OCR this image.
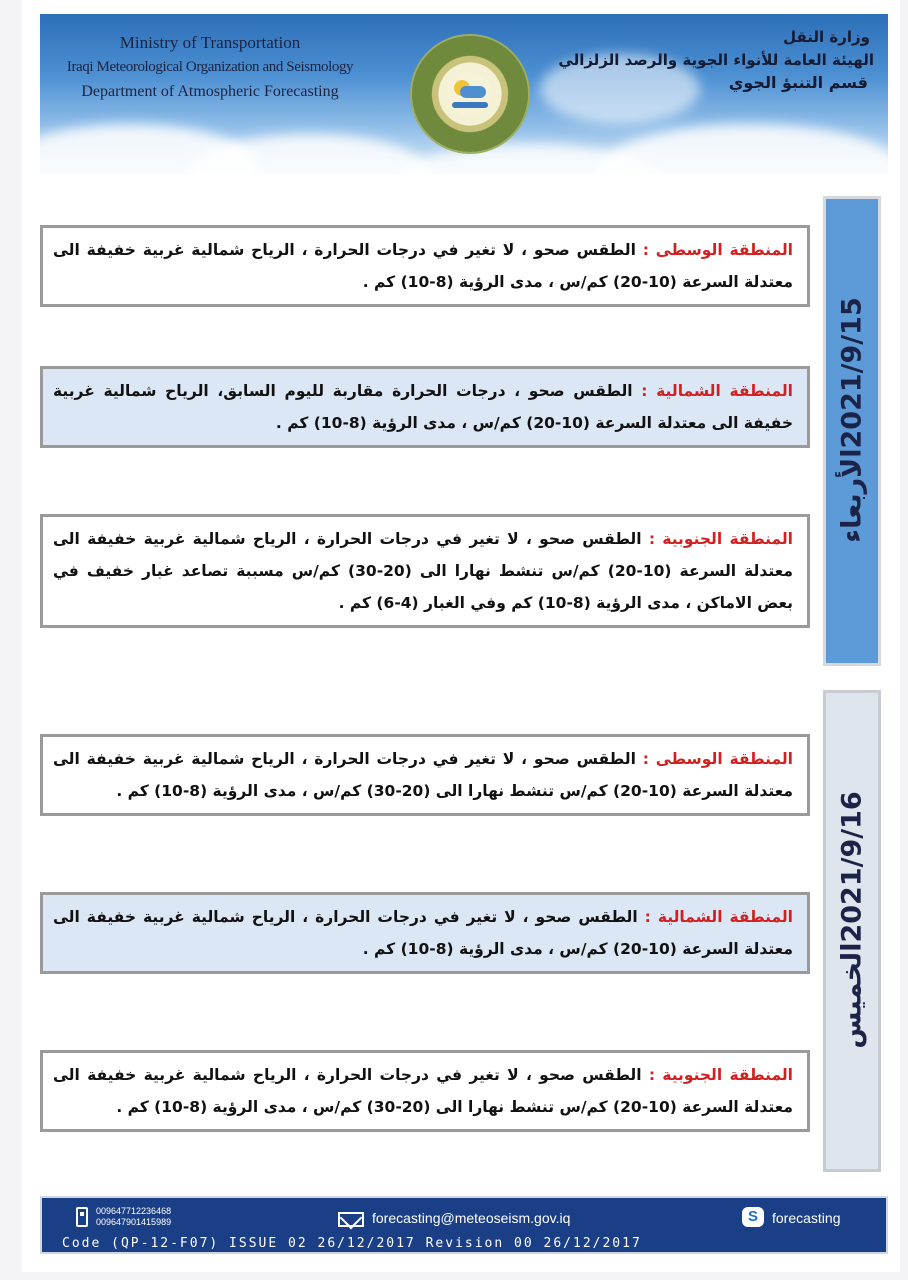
Ministry of Transportation
Iraqi Meteorological Organization and Seismology
Department of Atmospheric Forecasting
وزارة النقل
الهيئة العامة للأنواء الجوية والرصد الزلزالي
قسم التنبؤ الجوي
2021/9/15الأربعاء
2021/9/16الخميس
المنطقة الوسطى : الطقس صحو ، لا تغير في درجات الحرارة ، الرياح شمالية غربية خفيفة الى معتدلة السرعة (10-20) كم/س ، مدى الرؤية (8-10) كم .
المنطقة الشمالية : الطقس صحو ، درجات الحرارة مقاربة لليوم السابق، الرياح شمالية غربية خفيفة الى معتدلة السرعة (10-20) كم/س ، مدى الرؤية (8-10) كم .
المنطقة الجنوبية : الطقس صحو ، لا تغير في درجات الحرارة ، الرياح شمالية غربية خفيفة الى معتدلة السرعة (10-20) كم/س تنشط نهارا الى (20-30) كم/س مسببة تصاعد غبار خفيف في بعض الاماكن ، مدى الرؤية (8-10) كم وفي الغبار (4-6) كم .
المنطقة الوسطى : الطقس صحو ، لا تغير في درجات الحرارة ، الرياح شمالية غربية خفيفة الى معتدلة السرعة (10-20) كم/س تنشط نهارا الى (20-30) كم/س ، مدى الرؤية (8-10) كم .
المنطقة الشمالية : الطقس صحو ، لا تغير في درجات الحرارة ، الرياح شمالية غربية خفيفة الى معتدلة السرعة (10-20) كم/س ، مدى الرؤية (8-10) كم .
المنطقة الجنوبية : الطقس صحو ، لا تغير في درجات الحرارة ، الرياح شمالية غربية خفيفة الى معتدلة السرعة (10-20) كم/س تنشط نهارا الى (20-30) كم/س ، مدى الرؤية (8-10) كم .
009647712236468
009647901415989	forecasting@meteoseism.gov.iq	S	forecasting
Code (QP-12-F07) ISSUE 02 26/12/2017 Revision 00 26/12/2017
